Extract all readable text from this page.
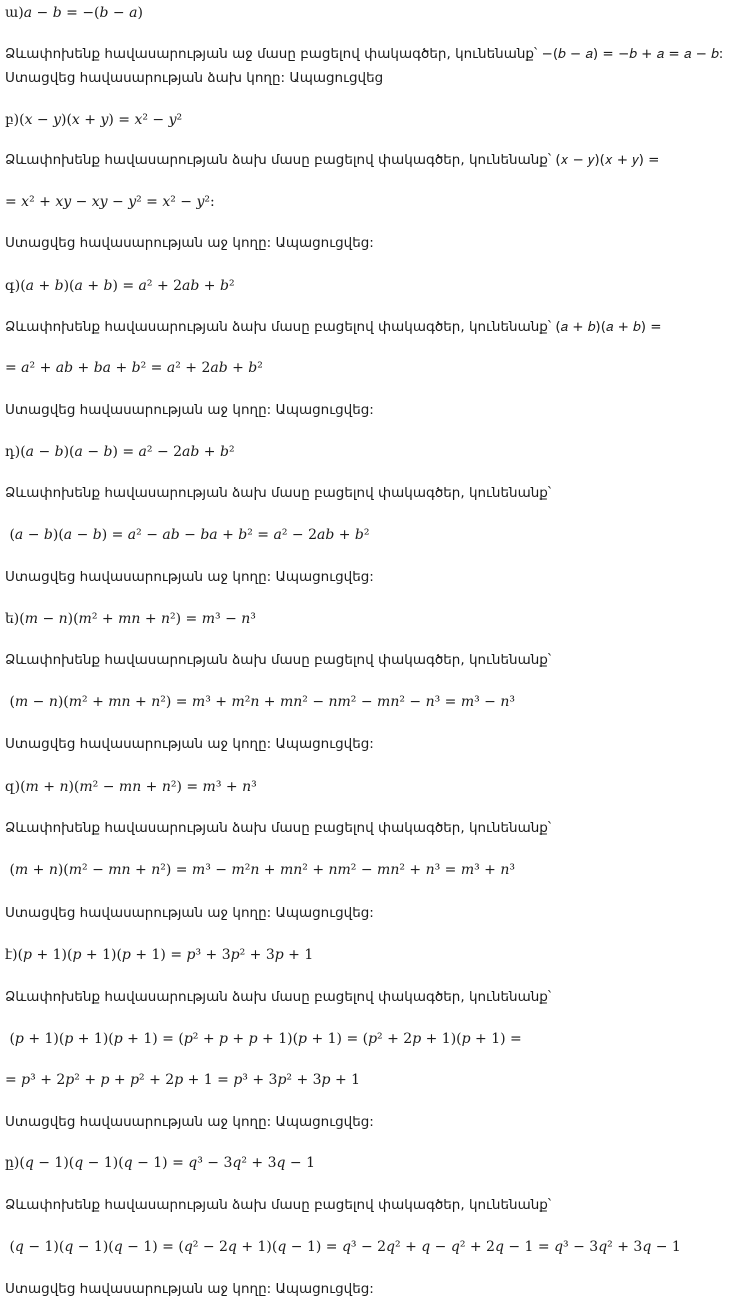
ա)𝑎 − 𝑏 = −(𝑏 − 𝑎)
Ձևափոխենք հավասարության աջ մասը բացելով փակագծեր, կունենանք՝ −(𝑏 − 𝑎) = −𝑏 + 𝑎 = 𝑎 − 𝑏:
Ստացվեց հավասարության ձախ կողը: Ապացուցվեց
բ)(𝑥 − 𝑦)(𝑥 + 𝑦) = 𝑥² − 𝑦²
Ձևափոխենք հավասարության ձախ մասը բացելով փակագծեր, կունենանք՝ (𝑥 − 𝑦)(𝑥 + 𝑦) =
= 𝑥² + 𝑥𝑦 − 𝑥𝑦 − 𝑦² = 𝑥² − 𝑦²:
Ստացվեց հավասարության աջ կողը: Ապացուցվեց:
գ)(𝑎 + 𝑏)(𝑎 + 𝑏) = 𝑎² + 2𝑎𝑏 + 𝑏²
Ձևափոխենք հավասարության ձախ մասը բացելով փակագծեր, կունենանք՝ (𝑎 + 𝑏)(𝑎 + 𝑏) =
= 𝑎² + 𝑎𝑏 + 𝑏𝑎 + 𝑏² = 𝑎² + 2𝑎𝑏 + 𝑏²
Ստացվեց հավասարության աջ կողը: Ապացուցվեց:
դ)(𝑎 − 𝑏)(𝑎 − 𝑏) = 𝑎² − 2𝑎𝑏 + 𝑏²
Ձևափոխենք հավասարության ձախ մասը բացելով փակագծեր, կունենանք՝
(𝑎 − 𝑏)(𝑎 − 𝑏) = 𝑎² − 𝑎𝑏 − 𝑏𝑎 + 𝑏² = 𝑎² − 2𝑎𝑏 + 𝑏²
Ստացվեց հավասարության աջ կողը: Ապացուցվեց:
ե)(𝑚 − 𝑛)(𝑚² + 𝑚𝑛 + 𝑛²) = 𝑚³ − 𝑛³
Ձևափոխենք հավասարության ձախ մասը բացելով փակագծեր, կունենանք՝
(𝑚 − 𝑛)(𝑚² + 𝑚𝑛 + 𝑛²) = 𝑚³ + 𝑚²𝑛 + 𝑚𝑛² − 𝑛𝑚² − 𝑚𝑛² − 𝑛³ = 𝑚³ − 𝑛³
Ստացվեց հավասարության աջ կողը: Ապացուցվեց:
զ)(𝑚 + 𝑛)(𝑚² − 𝑚𝑛 + 𝑛²) = 𝑚³ + 𝑛³
Ձևափոխենք հավասարության ձախ մասը բացելով փակագծեր, կունենանք՝
(𝑚 + 𝑛)(𝑚² − 𝑚𝑛 + 𝑛²) = 𝑚³ − 𝑚²𝑛 + 𝑚𝑛² + 𝑛𝑚² − 𝑚𝑛² + 𝑛³ = 𝑚³ + 𝑛³
Ստացվեց հավասարության աջ կողը: Ապացուցվեց:
է)(𝑝 + 1)(𝑝 + 1)(𝑝 + 1) = 𝑝³ + 3𝑝² + 3𝑝 + 1
Ձևափոխենք հավասարության ձախ մասը բացելով փակագծեր, կունենանք՝
(𝑝 + 1)(𝑝 + 1)(𝑝 + 1) = (𝑝² + 𝑝 + 𝑝 + 1)(𝑝 + 1) = (𝑝² + 2𝑝 + 1)(𝑝 + 1) =
= 𝑝³ + 2𝑝² + 𝑝 + 𝑝² + 2𝑝 + 1 = 𝑝³ + 3𝑝² + 3𝑝 + 1
Ստացվեց հավասարության աջ կողը: Ապացուցվեց:
ը)(𝑞 − 1)(𝑞 − 1)(𝑞 − 1) = 𝑞³ − 3𝑞² + 3𝑞 − 1
Ձևափոխենք հավասարության ձախ մասը բացելով փակագծեր, կունենանք՝
(𝑞 − 1)(𝑞 − 1)(𝑞 − 1) = (𝑞² − 2𝑞 + 1)(𝑞 − 1) = 𝑞³ − 2𝑞² + 𝑞 − 𝑞² + 2𝑞 − 1 = 𝑞³ − 3𝑞² + 3𝑞 − 1
Ստացվեց հավասարության աջ կողը: Ապացուցվեց:
